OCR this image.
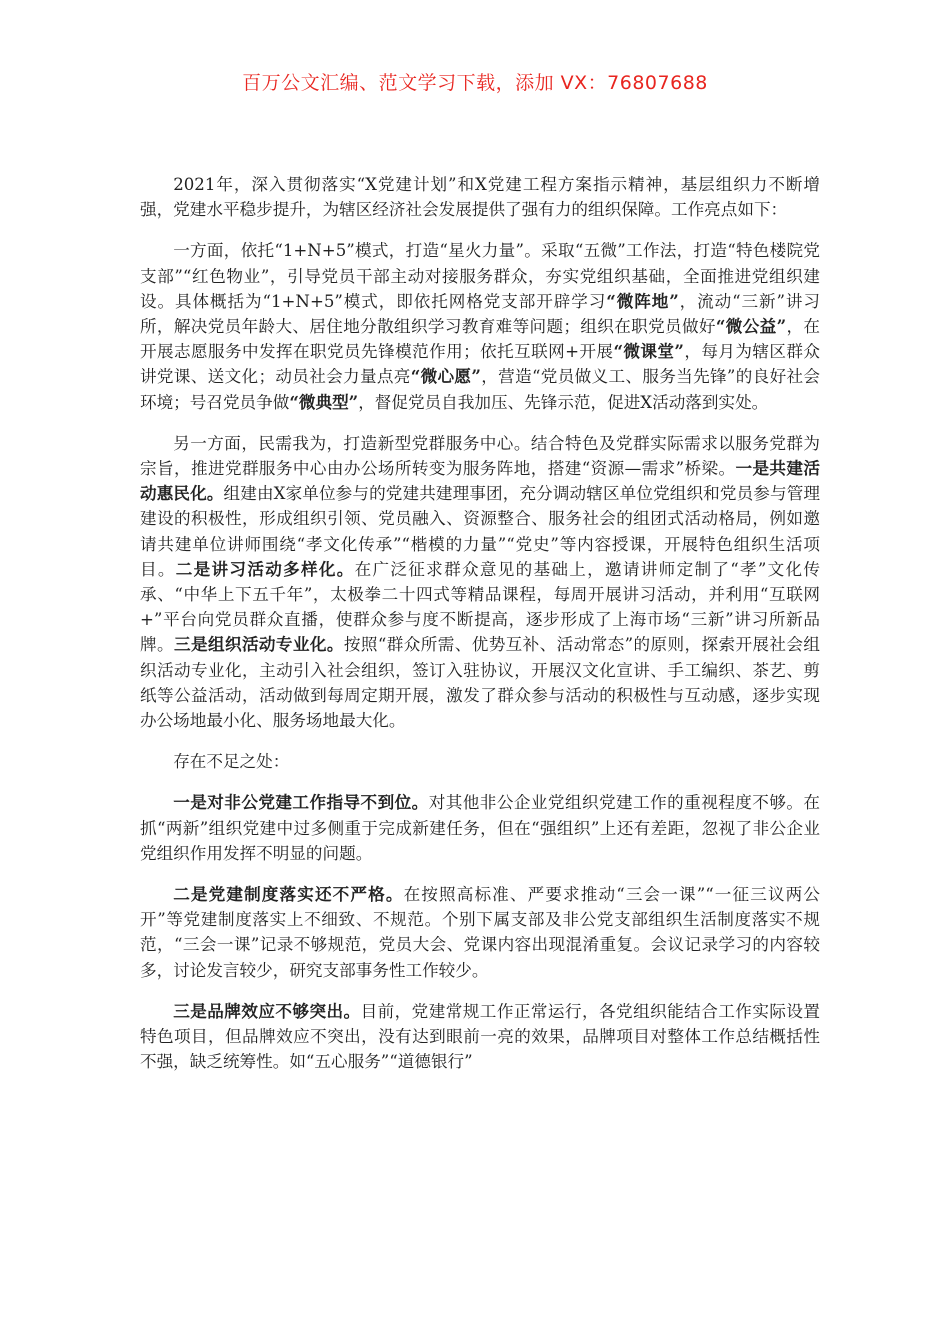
百万公文汇编、范文学习下载，添加 VX：76807688

2021年，深入贯彻落实“X党建计划”和X党建工程方案指示精神，基层组织力不断增强，党建水平稳步提升，为辖区经济社会发展提供了强有力的组织保障。工作亮点如下：

一方面，依托“1+N+5”模式，打造“星火力量”。采取“五微”工作法，打造“特色楼院党支部”“红色物业”，引导党员干部主动对接服务群众，夯实党组织基础，全面推进党组织建设。具体概括为“1+N+5”模式，即依托网格党支部开辟学习“微阵地”，流动“三新”讲习所，解决党员年龄大、居住地分散组织学习教育难等问题；组织在职党员做好“微公益”，在开展志愿服务中发挥在职党员先锋模范作用；依托互联网+开展“微课堂”，每月为辖区群众讲党课、送文化；动员社会力量点亮“微心愿”，营造“党员做义工、服务当先锋”的良好社会环境；号召党员争做“微典型”，督促党员自我加压、先锋示范，促进X活动落到实处。

另一方面，民需我为，打造新型党群服务中心。结合特色及党群实际需求以服务党群为宗旨，推进党群服务中心由办公场所转变为服务阵地，搭建“资源—需求”桥梁。一是共建活动惠民化。组建由X家单位参与的党建共建理事团，充分调动辖区单位党组织和党员参与管理建设的积极性，形成组织引领、党员融入、资源整合、服务社会的组团式活动格局，例如邀请共建单位讲师围绕“孝文化传承”“楷模的力量”“党史”等内容授课，开展特色组织生活项目。二是讲习活动多样化。在广泛征求群众意见的基础上，邀请讲师定制了“孝”文化传承、“中华上下五千年”，太极拳二十四式等精品课程，每周开展讲习活动，并利用“互联网+”平台向党员群众直播，使群众参与度不断提高，逐步形成了上海市场“三新”讲习所新品牌。三是组织活动专业化。按照“群众所需、优势互补、活动常态”的原则，探索开展社会组织活动专业化，主动引入社会组织，签订入驻协议，开展汉文化宣讲、手工编织、茶艺、剪纸等公益活动，活动做到每周定期开展，激发了群众参与活动的积极性与互动感，逐步实现办公场地最小化、服务场地最大化。

存在不足之处：

一是对非公党建工作指导不到位。对其他非公企业党组织党建工作的重视程度不够。在抓“两新”组织党建中过多侧重于完成新建任务，但在“强组织”上还有差距，忽视了非公企业党组织作用发挥不明显的问题。

二是党建制度落实还不严格。在按照高标准、严要求推动“三会一课”“一征三议两公开”等党建制度落实上不细致、不规范。个别下属支部及非公党支部组织生活制度落实不规范，“三会一课”记录不够规范，党员大会、党课内容出现混淆重复。会议记录学习的内容较多，讨论发言较少，研究支部事务性工作较少。

三是品牌效应不够突出。目前，党建常规工作正常运行，各党组织能结合工作实际设置特色项目，但品牌效应不突出，没有达到眼前一亮的效果，品牌项目对整体工作总结概括性不强，缺乏统筹性。如“五心服务”“道德银行”
